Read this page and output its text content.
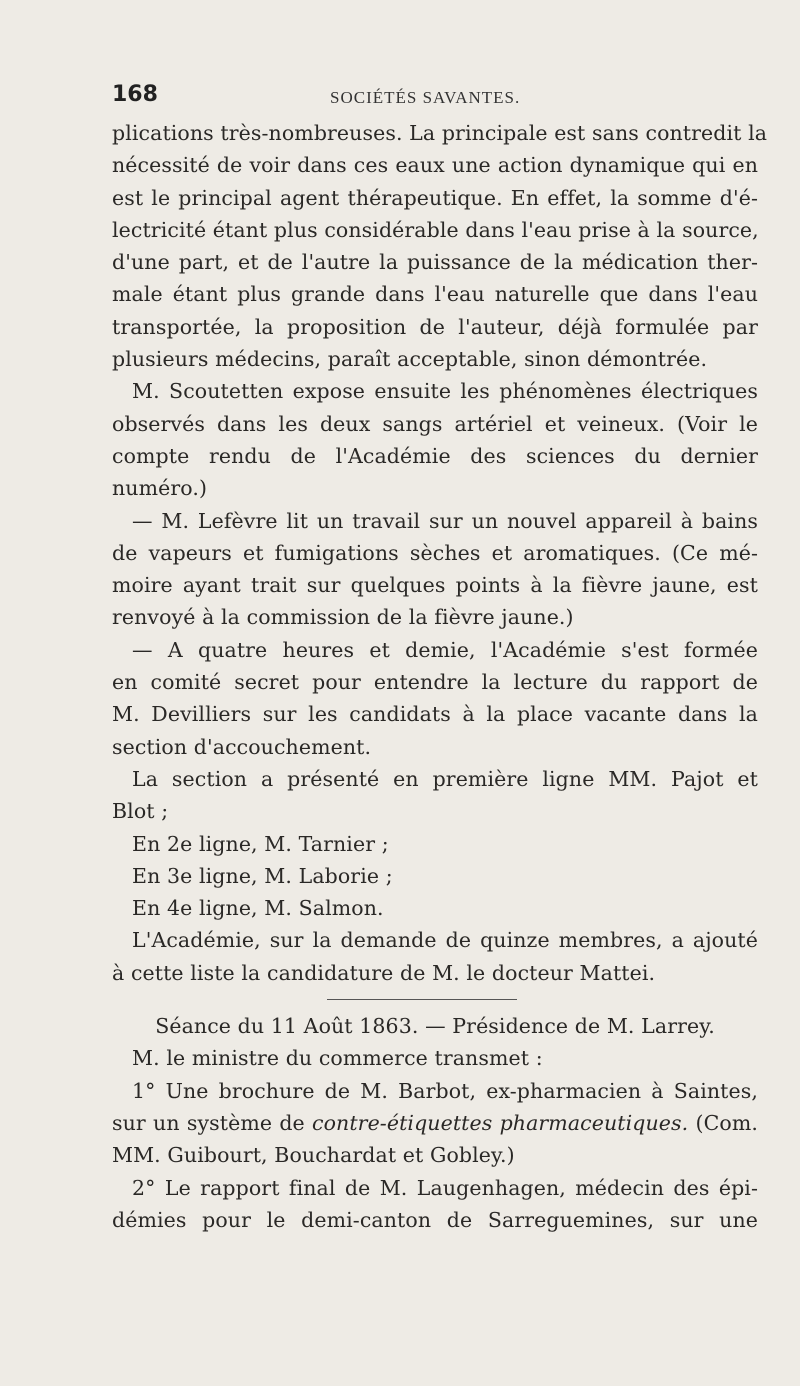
168	SOCIÉTÉS SAVANTES.
plications très-nombreuses. La principale est sans contredit la
nécessité de voir dans ces eaux une action dynamique qui en
est le principal agent thérapeutique. En effet, la somme d'é-
lectricité étant plus considérable dans l'eau prise à la source,
d'une part, et de l'autre la puissance de la médication ther-
male étant plus grande dans l'eau naturelle que dans l'eau
transportée, la proposition de l'auteur, déjà formulée par
plusieurs médecins, paraît acceptable, sinon démontrée.
M. Scoutetten expose ensuite les phénomènes électriques
observés dans les deux sangs artériel et veineux. (Voir le
compte rendu de l'Académie des sciences du dernier
numéro.)
— M. Lefèvre lit un travail sur un nouvel appareil à bains
de vapeurs et fumigations sèches et aromatiques. (Ce mé-
moire ayant trait sur quelques points à la fièvre jaune, est
renvoyé à la commission de la fièvre jaune.)
— A quatre heures et demie, l'Académie s'est formée
en comité secret pour entendre la lecture du rapport de
M. Devilliers sur les candidats à la place vacante dans la
section d'accouchement.
La section a présenté en première ligne MM. Pajot et
Blot ;
En 2e ligne, M. Tarnier ;
En 3e ligne, M. Laborie ;
En 4e ligne, M. Salmon.
L'Académie, sur la demande de quinze membres, a ajouté
à cette liste la candidature de M. le docteur Mattei.
Séance du 11 Août 1863. — Présidence de M. Larrey.
M. le ministre du commerce transmet :
1° Une brochure de M. Barbot, ex-pharmacien à Saintes,
sur un système de contre-étiquettes pharmaceutiques. (Com.
MM. Guibourt, Bouchardat et Gobley.)
2° Le rapport final de M. Laugenhagen, médecin des épi-
démies pour le demi-canton de Sarreguemines, sur une
